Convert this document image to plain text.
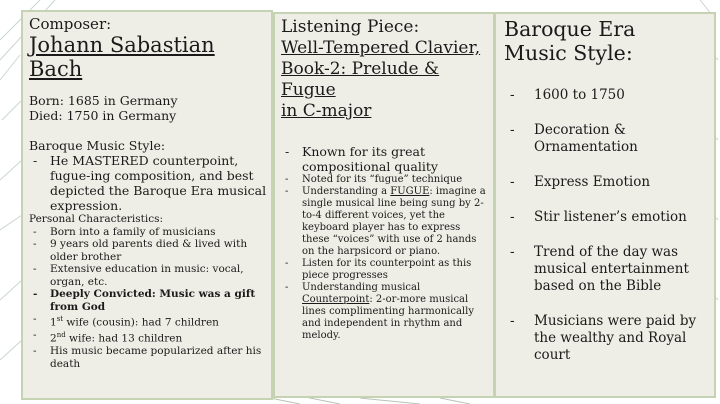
Composer:

Johann Sabastian Bach

Born: 1685 in Germany

Died: 1750 in Germany

Baroque Music Style:

- He MASTERED counterpoint, fugue-ing composition, and best depicted the Baroque Era musical expression.

Personal Characteristics:

- Born into a family of musicians
- 9 years old parents died & lived with older brother
- Extensive education in music: vocal, organ, etc.
- Deeply Convicted: Music was a gift from God
- 1st wife (cousin): had 7 children
- 2nd wife: had 13 children
- His music became popularized after his death

Listening Piece:

Well-Tempered Clavier,

Book-2: Prelude & Fugue

in C-major

- Known for its great compositional quality
- Noted for its “fugue” technique
- Understanding a FUGUE: imagine a single musical line being sung by 2-to-4 different voices, yet the keyboard player has to express these “voices” with use of 2 hands on the harpsicord or piano.
- Listen for its counterpoint as this piece progresses
- Understanding musical Counterpoint: 2-or-more musical lines complimenting harmonically and independent in rhythm and melody.

Baroque Era

Music Style:

- 1600 to 1750
- Decoration & Ornamentation
- Express Emotion
- Stir listener’s emotion
- Trend of the day was musical entertainment based on the Bible
- Musicians were paid by the wealthy and Royal court
